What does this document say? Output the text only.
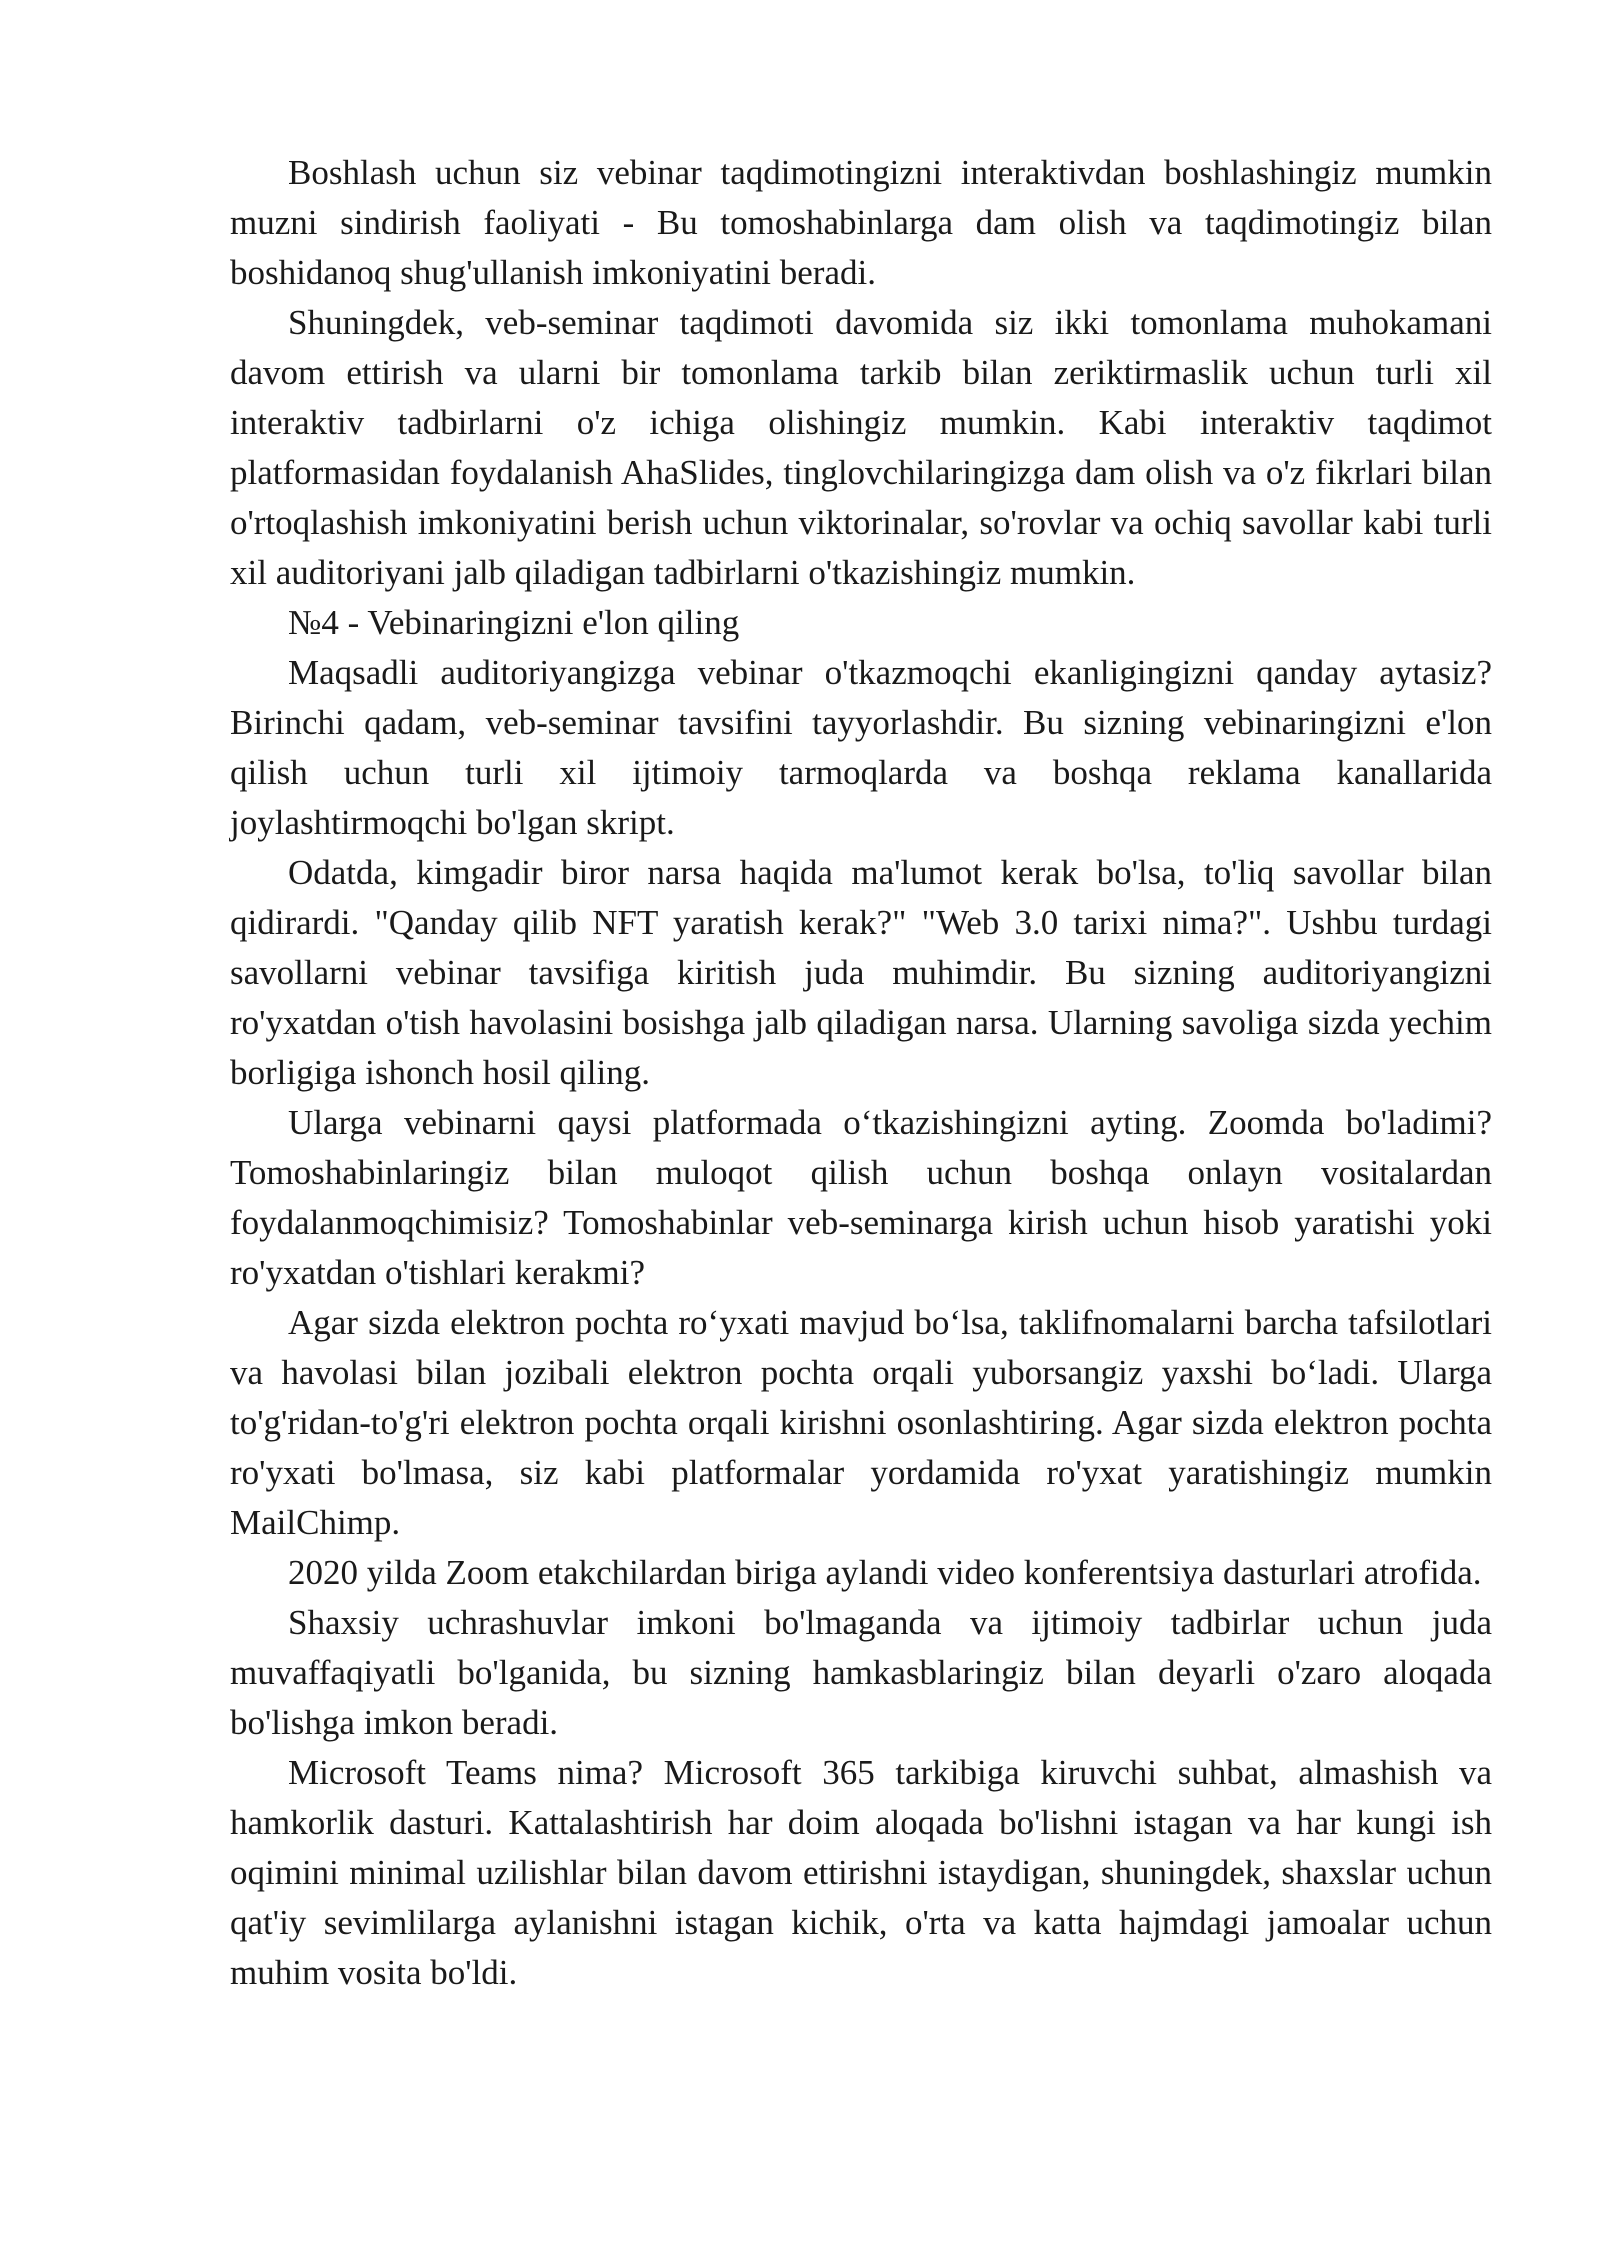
Boshlash uchun siz vebinar taqdimotingizni interaktivdan boshlashingiz mumkin muzni sindirish faoliyati - Bu tomoshabinlarga dam olish va taqdimotingiz bilan boshidanoq shug'ullanish imkoniyatini beradi.

Shuningdek, veb-seminar taqdimoti davomida siz ikki tomonlama muhokamani davom ettirish va ularni bir tomonlama tarkib bilan zeriktirmaslik uchun turli xil interaktiv tadbirlarni o'z ichiga olishingiz mumkin. Kabi interaktiv taqdimot platformasidan foydalanish AhaSlides, tinglovchilaringizga dam olish va o'z fikrlari bilan o'rtoqlashish imkoniyatini berish uchun viktorinalar, so'rovlar va ochiq savollar kabi turli xil auditoriyani jalb qiladigan tadbirlarni o'tkazishingiz mumkin.

№4 - Vebinaringizni e'lon qiling

Maqsadli auditoriyangizga vebinar o'tkazmoqchi ekanligingizni qanday aytasiz? Birinchi qadam, veb-seminar tavsifini tayyorlashdir. Bu sizning vebinaringizni e'lon qilish uchun turli xil ijtimoiy tarmoqlarda va boshqa reklama kanallarida joylashtirmoqchi bo'lgan skript.

Odatda, kimgadir biror narsa haqida ma'lumot kerak bo'lsa, to'liq savollar bilan qidirardi. "Qanday qilib NFT yaratish kerak?" "Web 3.0 tarixi nima?". Ushbu turdagi savollarni vebinar tavsifiga kiritish juda muhimdir. Bu sizning auditoriyangizni ro'yxatdan o'tish havolasini bosishga jalb qiladigan narsa. Ularning savoliga sizda yechim borligiga ishonch hosil qiling.

Ularga vebinarni qaysi platformada oʻtkazishingizni ayting. Zoomda bo'ladimi? Tomoshabinlaringiz bilan muloqot qilish uchun boshqa onlayn vositalardan foydalanmoqchimisiz? Tomoshabinlar veb-seminarga kirish uchun hisob yaratishi yoki ro'yxatdan o'tishlari kerakmi?

Agar sizda elektron pochta roʻyxati mavjud boʻlsa, taklifnomalarni barcha tafsilotlari va havolasi bilan jozibali elektron pochta orqali yuborsangiz yaxshi boʻladi. Ularga to'g'ridan-to'g'ri elektron pochta orqali kirishni osonlashtiring. Agar sizda elektron pochta ro'yxati bo'lmasa, siz kabi platformalar yordamida ro'yxat yaratishingiz mumkin MailChimp.

2020 yilda Zoom etakchilardan biriga aylandi video konferentsiya dasturlari atrofida.

Shaxsiy uchrashuvlar imkoni bo'lmaganda va ijtimoiy tadbirlar uchun juda muvaffaqiyatli bo'lganida, bu sizning hamkasblaringiz bilan deyarli o'zaro aloqada bo'lishga imkon beradi.

Microsoft Teams nima? Microsoft 365 tarkibiga kiruvchi suhbat, almashish va hamkorlik dasturi. Kattalashtirish har doim aloqada bo'lishni istagan va har kungi ish oqimini minimal uzilishlar bilan davom ettirishni istaydigan, shuningdek, shaxslar uchun qat'iy sevimlilarga aylanishni istagan kichik, o'rta va katta hajmdagi jamoalar uchun muhim vosita bo'ldi.
